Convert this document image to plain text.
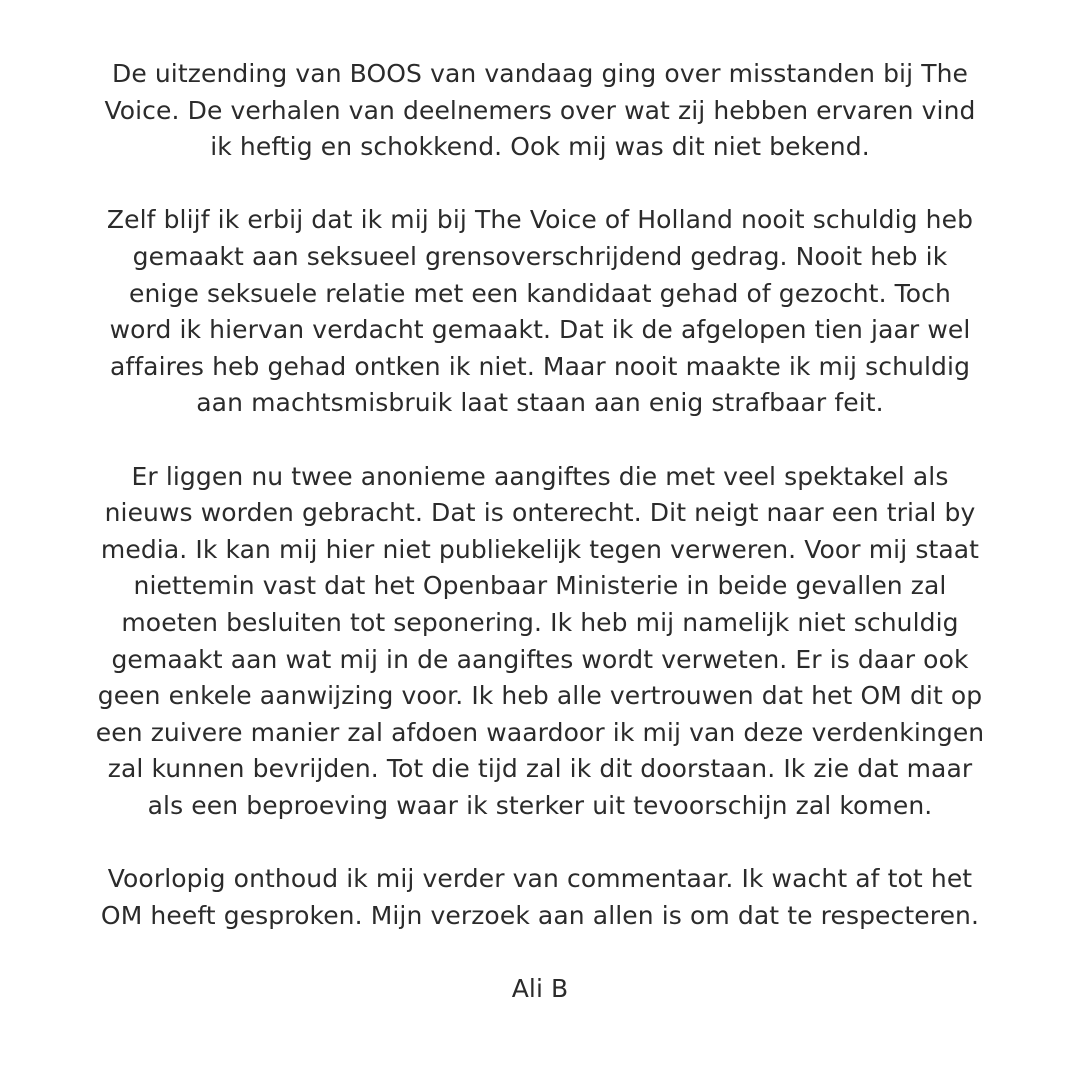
De uitzending van BOOS van vandaag ging over misstanden bij The
Voice. De verhalen van deelnemers over wat zij hebben ervaren vind
ik heftig en schokkend. Ook mij was dit niet bekend.

Zelf blijf ik erbij dat ik mij bij The Voice of Holland nooit schuldig heb
gemaakt aan seksueel grensoverschrijdend gedrag. Nooit heb ik
enige seksuele relatie met een kandidaat gehad of gezocht. Toch
word ik hiervan verdacht gemaakt. Dat ik de afgelopen tien jaar wel
affaires heb gehad ontken ik niet. Maar nooit maakte ik mij schuldig
aan machtsmisbruik laat staan aan enig strafbaar feit.

Er liggen nu twee anonieme aangiftes die met veel spektakel als
nieuws worden gebracht. Dat is onterecht. Dit neigt naar een trial by
media. Ik kan mij hier niet publiekelijk tegen verweren. Voor mij staat
niettemin vast dat het Openbaar Ministerie in beide gevallen zal
moeten besluiten tot seponering. Ik heb mij namelijk niet schuldig
gemaakt aan wat mij in de aangiftes wordt verweten. Er is daar ook
geen enkele aanwijzing voor. Ik heb alle vertrouwen dat het OM dit op
een zuivere manier zal afdoen waardoor ik mij van deze verdenkingen
zal kunnen bevrijden. Tot die tijd zal ik dit doorstaan. Ik zie dat maar
als een beproeving waar ik sterker uit tevoorschijn zal komen.

Voorlopig onthoud ik mij verder van commentaar. Ik wacht af tot het
OM heeft gesproken. Mijn verzoek aan allen is om dat te respecteren.

Ali B
